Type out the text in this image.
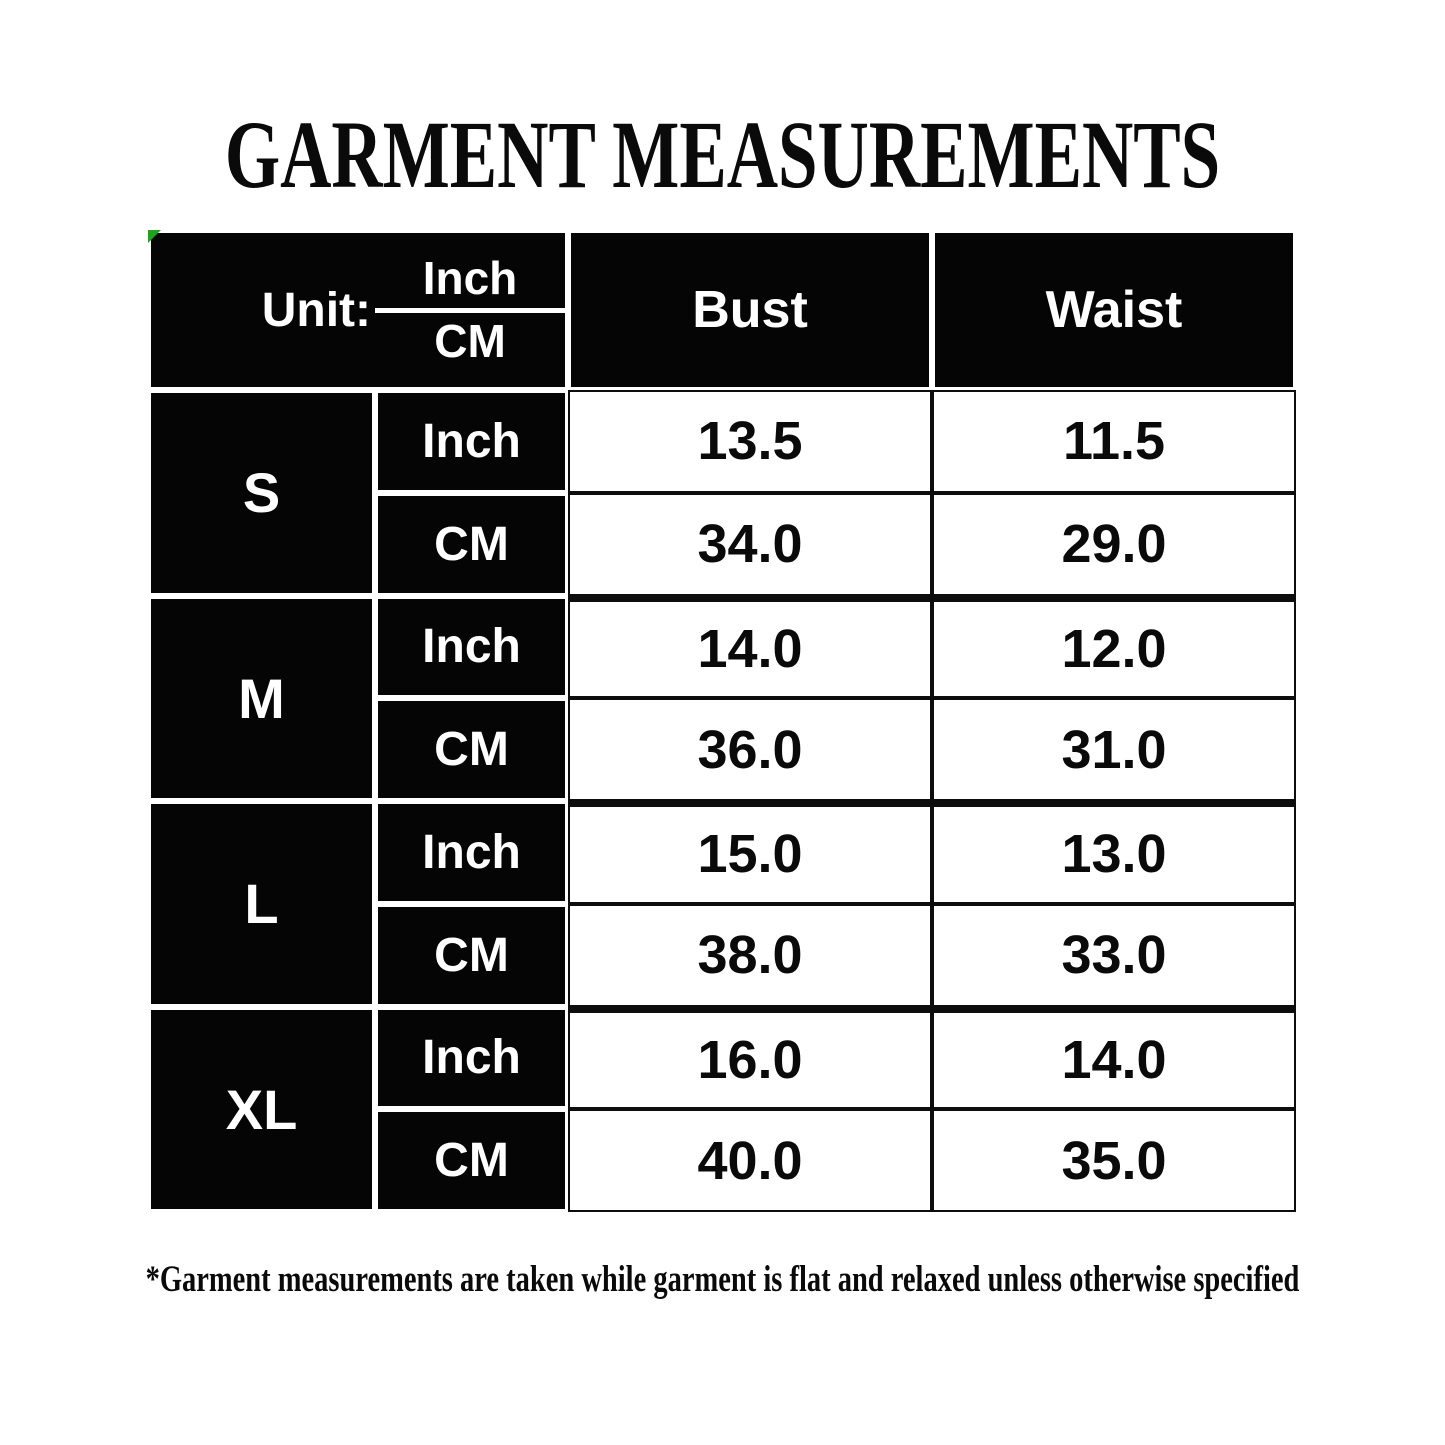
GARMENT MEASUREMENTS
Unit:
Inch
CM
Bust	Waist
S
Inch	13.5	11.5
CM	34.0	29.0
M
Inch	14.0	12.0
CM	36.0	31.0
L
Inch	15.0	13.0
CM	38.0	33.0
XL
Inch	16.0	14.0
CM	40.0	35.0
*Garment measurements are taken while garment is flat and relaxed unless otherwise specified
